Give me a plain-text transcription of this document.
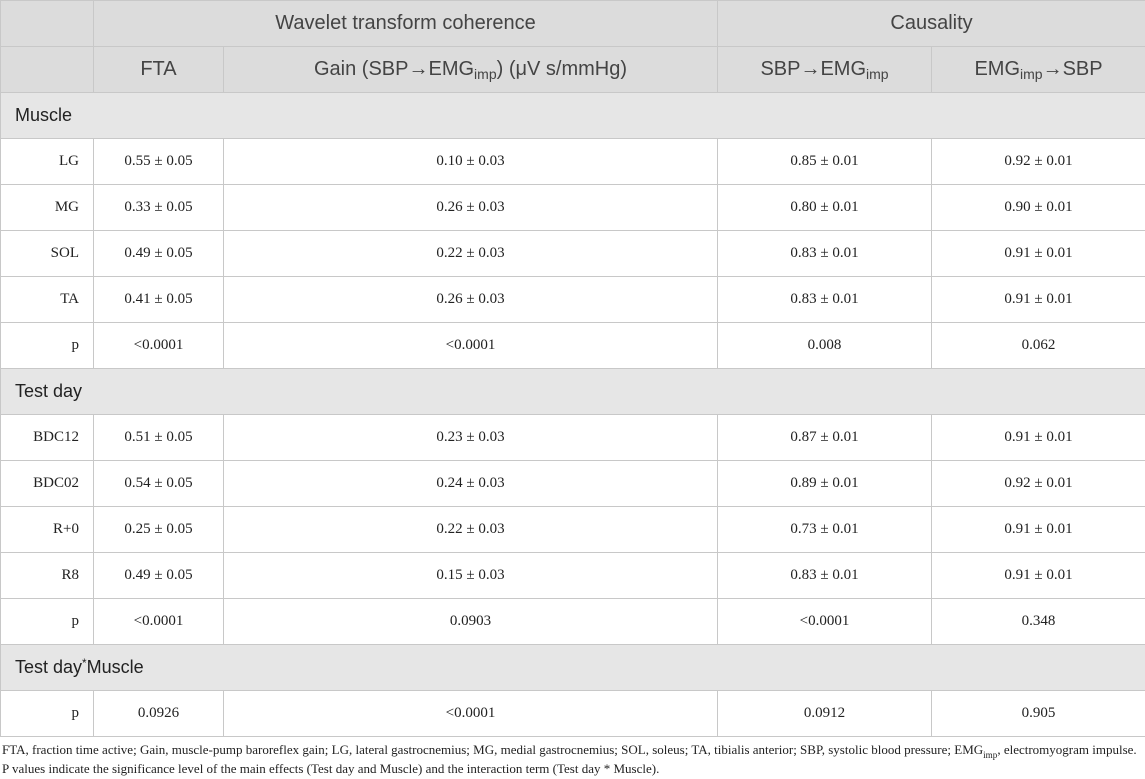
	Wavelet transform coherence		Causality	
	FTA	Gain $(SBP\to EMG_{imp})$ (μV s/mmHg)	$SBP\to EMG_{imp}$	$EMG_{imp}\to SBP$
Muscle				
LG	0.55 ± 0.05	0.10 ± 0.03	0.85 ± 0.01	0.92 ± 0.01
MG	0.33 ± 0.05	0.26 ± 0.03	0.80 ± 0.01	0.90 ± 0.01
SOL	0.49 ± 0.05	0.22 ± 0.03	0.83 ± 0.01	0.91 ± 0.01
TA	0.41 ± 0.05	0.26 ± 0.03	0.83 ± 0.01	0.91 ± 0.01
p	<0.0001	<0.0001	0.008	0.062
Test day				
BDC12	0.51 ± 0.05	0.23 ± 0.03	0.87 ± 0.01	0.91 ± 0.01
BDC02	0.54 ± 0.05	0.24 ± 0.03	0.89 ± 0.01	0.92 ± 0.01
R+0	0.25 ± 0.05	0.22 ± 0.03	0.73 ± 0.01	0.91 ± 0.01
R8	0.49 ± 0.05	0.15 ± 0.03	0.83 ± 0.01	0.91 ± 0.01
p	<0.0001	0.0903	<0.0001	0.348
Test day*Muscle				
p	0.0926	<0.0001	0.0912	0.905
FTA, fraction time active; Gain, muscle-pump baroreflex gain; LG, lateral gastrocnemius; MG, medial gastrocnemius; SOL, soleus; TA, tibialis anterior; SBP, systolic blood pressure; $EMG_{imp}$, electromyogram impulse. P values indicate the significance level of the main effects (Test day and Muscle) and the interaction term (Test day * Muscle).
